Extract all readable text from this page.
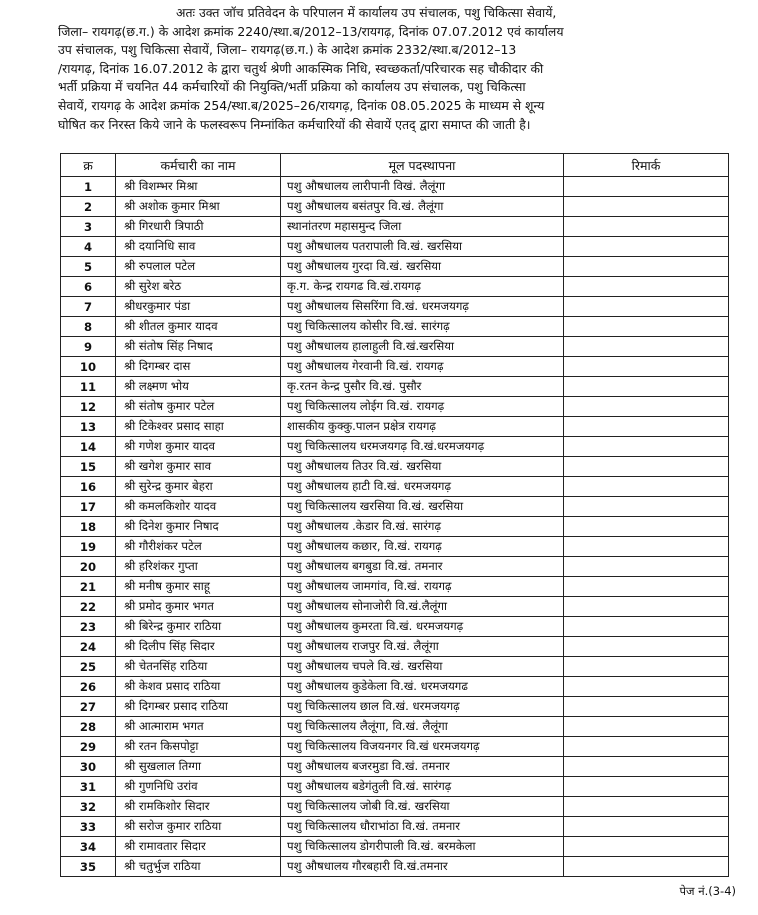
अतः उक्त जॉच प्रतिवेदन के परिपालन में कार्यालय उप संचालक, पशु चिकित्सा सेवायें,
जिला– रायगढ़(छ.ग.) के आदेश क्रमांक 2240/स्था.ब/2012–13/रायगढ़, दिनांक 07.07.2012 एवं कार्यालय
उप संचालक, पशु चिकित्सा सेवायें, जिला– रायगढ़(छ.ग.) के आदेश क्रमांक 2332/स्था.ब/2012–13
/रायगढ़, दिनांक 16.07.2012 के द्वारा चतुर्थ श्रेणी आकस्मिक निधि, स्वच्छकर्ता/परिचारक सह चौकीदार की
भर्ती प्रक्रिया में चयनित 44 कर्मचारियों की नियुक्ति/भर्ती प्रक्रिया को कार्यालय उप संचालक, पशु चिकित्सा
सेवायें, रायगढ़ के आदेश क्रमांक 254/स्था.ब/2025–26/रायगढ़, दिनांक 08.05.2025 के माध्यम से शून्य
घोषित कर निरस्त किये जाने के फलस्वरूप निम्नांकित कर्मचारियों की सेवायें एतद् द्वारा समाप्त की जाती है।
क्र	कर्मचारी का नाम	मूल पदस्थापना	रिमार्क
1	श्री विशम्भर मिश्रा	पशु औषधालय लारीपानी विखं. लैलूंगा	
2	श्री अशोक कुमार मिश्रा	पशु औषधालय बसंतपुर वि.खं. लैलूंगा	
3	श्री गिरधारी त्रिपाठी	स्थानांतरण महासमुन्द जिला	
4	श्री दयानिधि साव	पशु औषधालय पतरापाली वि.खं. खरसिया	
5	श्री रुपलाल पटेल	पशु औषधालय गुरदा वि.खं. खरसिया	
6	श्री सुरेश बरेठ	कृ.ग. केन्द्र रायगढ वि.खं.रायगढ़	
7	श्रीधरकुमार पंडा	पशु औषधालय सिसरिंगा वि.खं. धरमजयगढ़	
8	श्री शीतल कुमार यादव	पशु चिकित्सालय कोसीर वि.खं. सारंगढ़	
9	श्री संतोष सिंह निषाद	पशु औषधालय हालाहुली वि.खं.खरसिया	
10	श्री दिगम्बर दास	पशु औषधालय गेरवानी वि.खं. रायगढ़	
11	श्री लक्ष्मण भोय	कृ.रतन केन्द्र पुसौर वि.खं. पुसौर	
12	श्री संतोष कुमार पटेल	पशु चिकित्सालय लोईग वि.खं. रायगढ़	
13	श्री टिकेश्वर प्रसाद साहा	शासकीय कुक्कु.पालन प्रक्षेत्र रायगढ़	
14	श्री गणेश कुमार यादव	पशु चिकित्सालय धरमजयगढ़ वि.खं.धरमजयगढ़	
15	श्री खगेश कुमार साव	पशु औषधालय तिउर वि.खं. खरसिया	
16	श्री सुरेन्द्र कुमार बेहरा	पशु औषधालय हाटी वि.खं. धरमजयगढ़	
17	श्री कमलकिशोर यादव	पशु चिकित्सालय खरसिया वि.खं. खरसिया	
18	श्री दिनेश कुमार निषाद	पशु औषधालय .केडार वि.खं. सारंगढ़	
19	श्री गौरीशंकर पटेल	पशु औषधालय कछार, वि.खं. रायगढ़	
20	श्री हरिशंकर गुप्ता	पशु औषधालय बगबुडा वि.खं. तमनार	
21	श्री मनीष कुमार साहू	पशु औषधालय जामगांव, वि.खं. रायगढ़	
22	श्री प्रमोद कुमार भगत	पशु औषधालय सोनाजोरी वि.खं.लैलूंगा	
23	श्री बिरेन्द्र कुमार राठिया	पशु औषधालय कुमरता वि.खं. धरमजयगढ़	
24	श्री दिलीप सिंह सिदार	पशु औषधालय राजपुर वि.खं. लैलूंगा	
25	श्री चेतनसिंह राठिया	पशु औषधालय चपले वि.खं. खरसिया	
26	श्री केशव प्रसाद राठिया	पशु औषधालय कुडेकेला वि.खं. धरमजयगढ	
27	श्री दिगम्बर प्रसाद राठिया	पशु चिकित्सालय छाल वि.खं. धरमजयगढ़	
28	श्री आत्माराम भगत	पशु चिकित्सालय लैलूंगा, वि.खं. लैलूंगा	
29	श्री रतन किसपोट्टा	पशु चिकित्सालय विजयनगर वि.खं धरमजयगढ़	
30	श्री सुखलाल तिग्गा	पशु औषधालय बजरमुडा वि.खं. तमनार	
31	श्री गुणनिधि उरांव	पशु औषधालय बडेगंतुली वि.खं. सारंगढ़	
32	श्री रामकिशोर सिदार	पशु चिकित्सालय जोबी वि.खं. खरसिया	
33	श्री सरोज कुमार राठिया	पशु चिकित्सालय धौराभांठा वि.खं. तमनार	
34	श्री रामावतार सिदार	पशु चिकित्सालय डोगरीपाली वि.खं. बरमकेला	
35	श्री चतुर्भुज राठिया	पशु औषधालय गौरबहारी वि.खं.तमनार	
पेज नं.(3-4)
